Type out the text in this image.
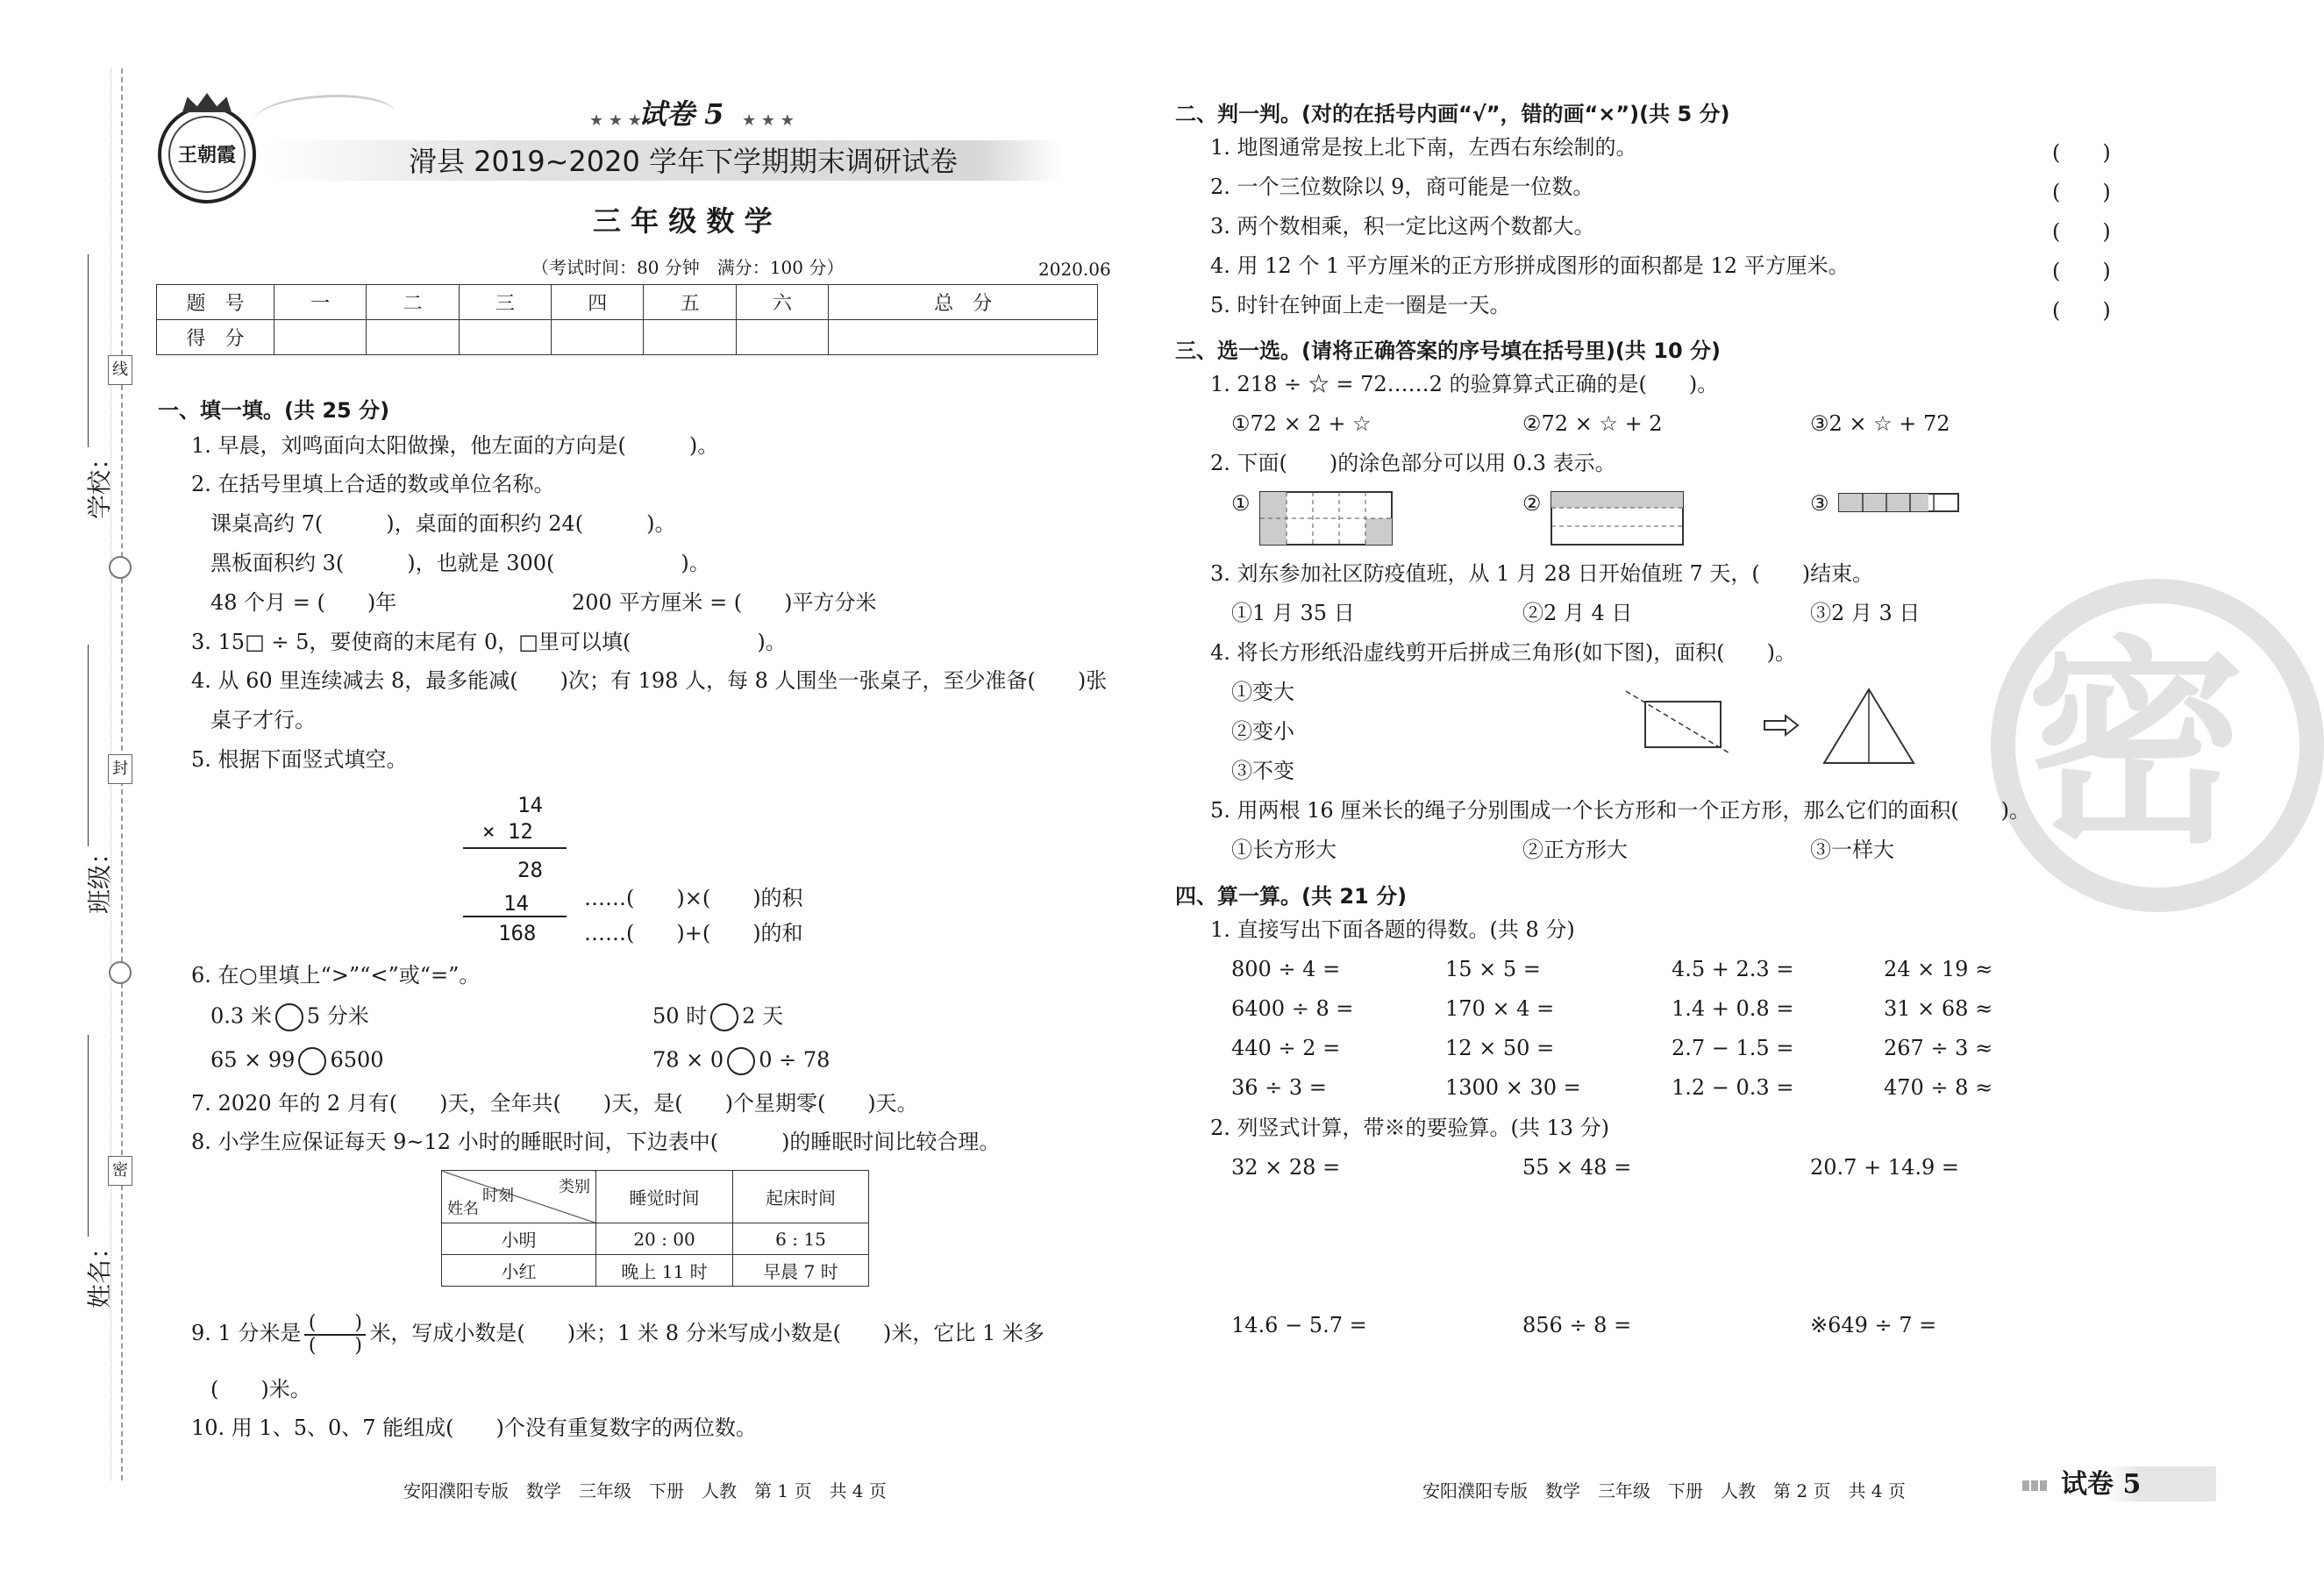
线
封
密
学校：
班级：
姓名：
王朝霞
★ ★ ★
试卷 5 ★ ★ ★
滑县 2019~2020 学年下学期期末调研试卷
三 年 级 数 学
（考试时间：80 分钟　满分：100 分）	2020.06
题　号	一	二	三	四	五	六	总　分
得　分							
一、填一填。(共 25 分)
1. 早晨，刘鸣面向太阳做操，他左面的方向是(　　　)。
2. 在括号里填上合适的数或单位名称。
课桌高约 7(　　　)，桌面的面积约 24(　　　)。
黑板面积约 3(　　　)，也就是 300(　　　　　　)。
48 个月 = (　　)年	200 平方厘米 = (　　)平方分米
3. 15□ ÷ 5，要使商的末尾有 0，□里可以填(　　　　　　)。
4. 从 60 里连续减去 8，最多能减(　　)次；有 198 人，每 8 人围坐一张桌子，至少准备(　　)张
桌子才行。
5. 根据下面竖式填空。
　14
× 12
　28
　14	……(　　)×(　　)的积
168 ……(　　)+(　　)的和
6. 在○里填上“>”“<”或“=”。
0.3 米 5 分米	50 时 2 天
65 × 99 6500	78 × 0 0 ÷ 78
7. 2020 年的 2 月有(　　)天，全年共(　　)天，是(　　)个星期零(　　)天。
8. 小学生应保证每天 9~12 小时的睡眠时间，下边表中(　　　)的睡眠时间比较合理。
类别
时刻
姓名	睡觉时间	起床时间
小明	20 : 00	6 : 15
小红	晚上 11 时	早晨 7 时
9. 1 分米是 $\frac{( )}{( )}$ 米，写成小数是(　　)米；1 米 8 分米写成小数是(　　)米，它比 1 米多
(　　)米。
10. 用 1、5、0、7 能组成(　　)个没有重复数字的两位数。
安阳濮阳专版　数学　三年级　下册　人教　第 1 页　共 4 页
密
二、判一判。(对的在括号内画“√”，错的画“×”)(共 5 分)
1. 地图通常是按上北下南，左西右东绘制的。	(　　)
2. 一个三位数除以 9，商可能是一位数。	(　　)
3. 两个数相乘，积一定比这两个数都大。	(　　)
4. 用 12 个 1 平方厘米的正方形拼成图形的面积都是 12 平方厘米。	(　　)
5. 时针在钟面上走一圈是一天。	(　　)
三、选一选。(请将正确答案的序号填在括号里)(共 10 分)
1. 218 ÷ ☆ = 72……2 的验算算式正确的是(　　)。
①72 × 2 + ☆	②72 × ☆ + 2	③2 × ☆ + 72
2. 下面(　　)的涂色部分可以用 0.3 表示。
①	②	③
3. 刘东参加社区防疫值班，从 1 月 28 日开始值班 7 天，(　　)结束。
①1 月 35 日	②2 月 4 日	③2 月 3 日
4. 将长方形纸沿虚线剪开后拼成三角形(如下图)，面积(　　)。
①变大
②变小
③不变
5. 用两根 16 厘米长的绳子分别围成一个长方形和一个正方形，那么它们的面积(　　)。
①长方形大	②正方形大	③一样大
四、算一算。(共 21 分)
1. 直接写出下面各题的得数。(共 8 分)
800 ÷ 4 =	15 × 5 =	4.5 + 2.3 =	24 × 19 ≈
6400 ÷ 8 =	170 × 4 =	1.4 + 0.8 =	31 × 68 ≈
440 ÷ 2 =	12 × 50 =	2.7 − 1.5 =	267 ÷ 3 ≈
36 ÷ 3 =	1300 × 30 =	1.2 − 0.3 =	470 ÷ 8 ≈
2. 列竖式计算，带※的要验算。(共 13 分)
32 × 28 =	55 × 48 =	20.7 + 14.9 =
14.6 − 5.7 =	856 ÷ 8 =	※649 ÷ 7 =
安阳濮阳专版　数学　三年级　下册　人教　第 2 页　共 4 页	试卷 5
